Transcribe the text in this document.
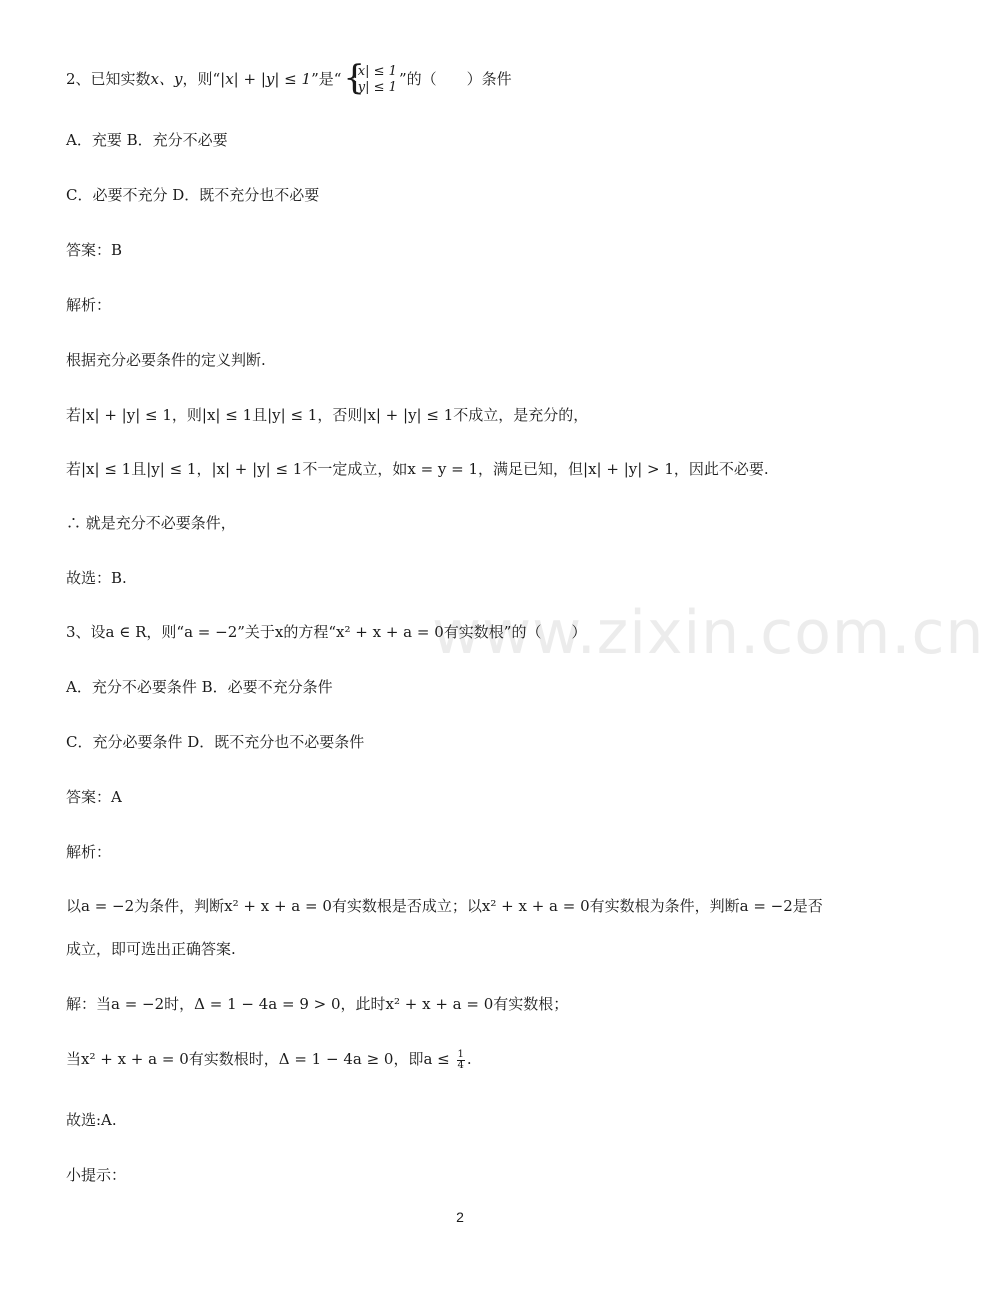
www.zixin.com.cn
2、已知实数x、y，则“|x| + |y| ≤ 1”是“ {
|x| ≤ 1
|y| ≤ 1 ”的（　　）条件
A．充要 B．充分不必要
C．必要不充分 D．既不充分也不必要
答案：B
解析：
根据充分必要条件的定义判断.
若|x| + |y| ≤ 1，则|x| ≤ 1且|y| ≤ 1，否则|x| + |y| ≤ 1不成立，是充分的，
若|x| ≤ 1且|y| ≤ 1，|x| + |y| ≤ 1不一定成立，如x = y = 1，满足已知，但|x| + |y| > 1，因此不必要.
∴ 就是充分不必要条件，
故选：B.
3、设a ∈ R，则“a = −2”关于x的方程“x² + x + a = 0有实数根”的（　　）
A．充分不必要条件 B．必要不充分条件
C．充分必要条件 D．既不充分也不必要条件
答案：A
解析：
以a = −2为条件，判断x² + x + a = 0有实数根是否成立；以x² + x + a = 0有实数根为条件，判断a = −2是否
成立，即可选出正确答案.
解：当a = −2时，Δ = 1 − 4a = 9 > 0，此时x² + x + a = 0有实数根；
当x² + x + a = 0有实数根时，Δ = 1 − 4a ≥ 0，即$a \le \frac{1}{4}$ .
故选:A.
小提示：
2
